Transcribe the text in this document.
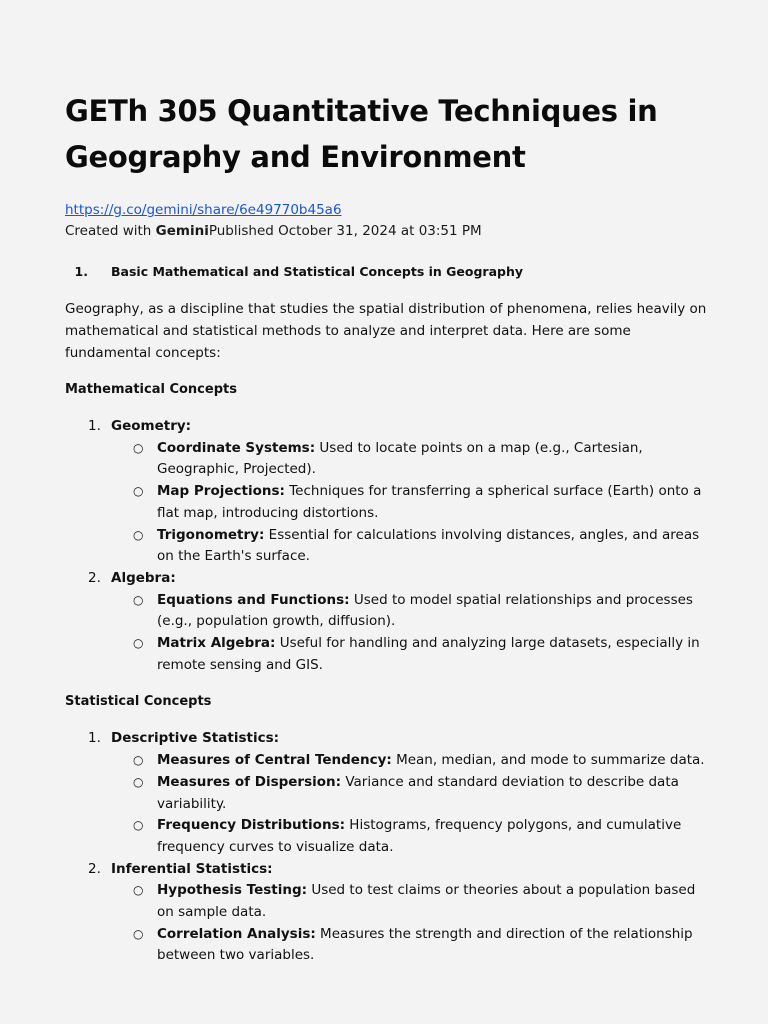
GETh 305 Quantitative Techniques in Geography and Environment
https://g.co/gemini/share/6e49770b45a6
Created with GeminiPublished October 31, 2024 at 03:51 PM
1. Basic Mathematical and Statistical Concepts in Geography

Geography, as a discipline that studies the spatial distribution of phenomena, relies heavily on mathematical and statistical methods to analyze and interpret data. Here are some fundamental concepts:

Mathematical Concepts

1. Geometry:
○ Coordinate Systems: Used to locate points on a map (e.g., Cartesian, Geographic, Projected).
○ Map Projections: Techniques for transferring a spherical surface (Earth) onto a flat map, introducing distortions.
○ Trigonometry: Essential for calculations involving distances, angles, and areas on the Earth's surface.
2. Algebra:
○ Equations and Functions: Used to model spatial relationships and processes (e.g., population growth, diffusion).
○ Matrix Algebra: Useful for handling and analyzing large datasets, especially in remote sensing and GIS.

Statistical Concepts

1. Descriptive Statistics:
○ Measures of Central Tendency: Mean, median, and mode to summarize data.
○ Measures of Dispersion: Variance and standard deviation to describe data variability.
○ Frequency Distributions: Histograms, frequency polygons, and cumulative frequency curves to visualize data.
2. Inferential Statistics:
○ Hypothesis Testing: Used to test claims or theories about a population based on sample data.
○ Correlation Analysis: Measures the strength and direction of the relationship between two variables.
